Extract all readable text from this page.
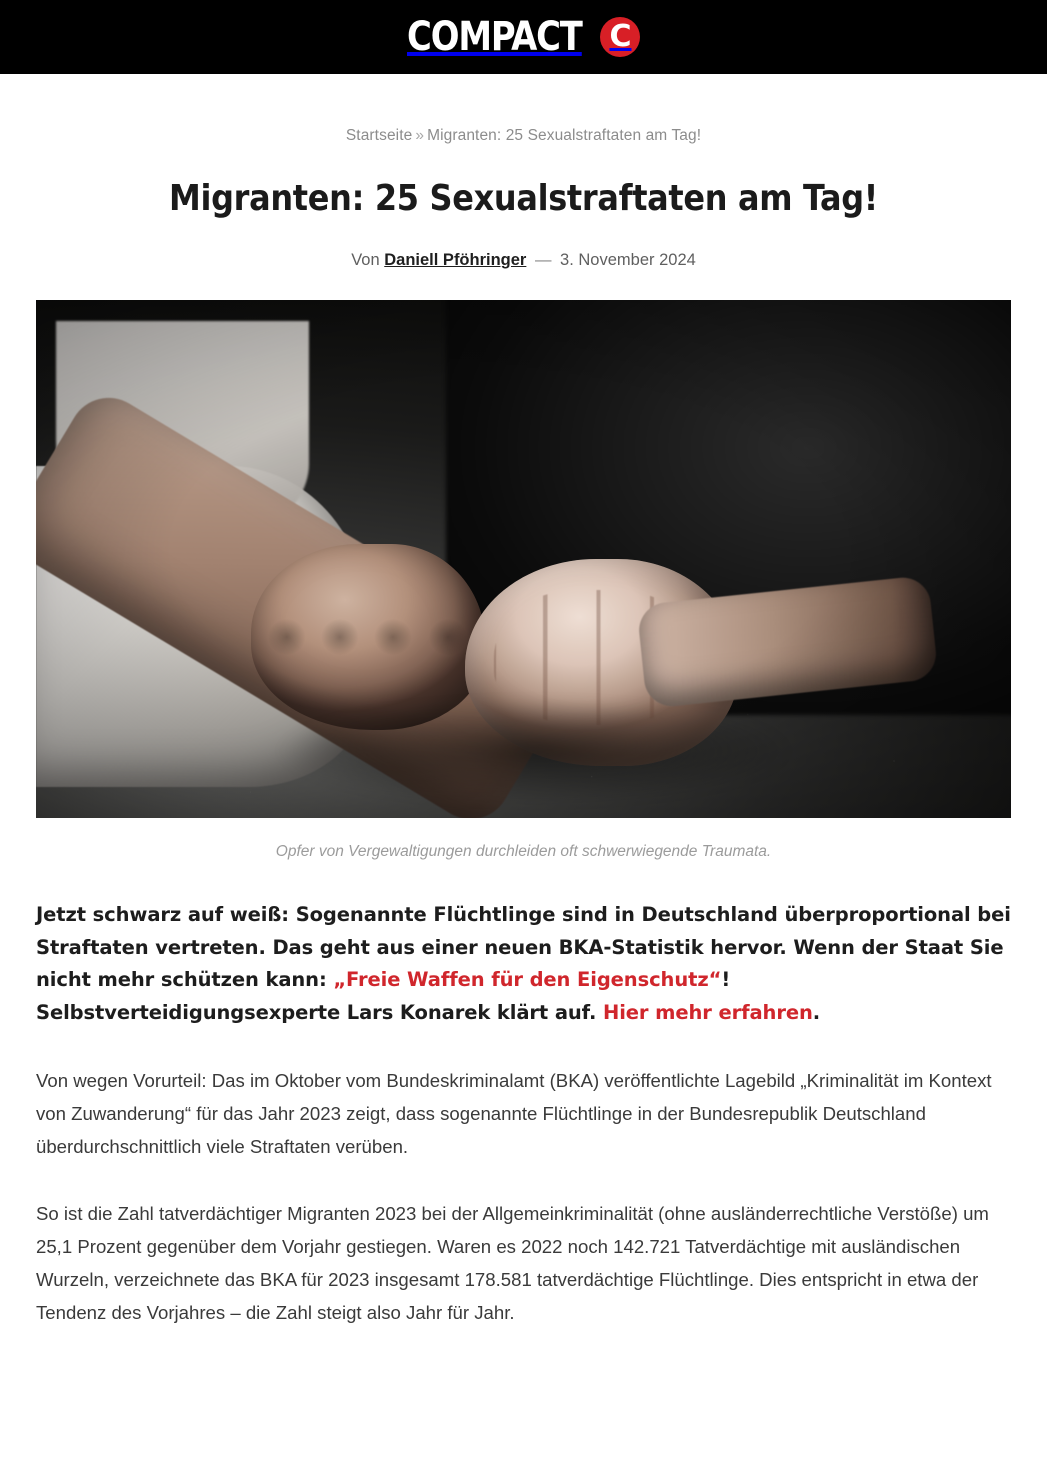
COMPACT C
Startseite » Migranten: 25 Sexualstraftaten am Tag!
Migranten: 25 Sexualstraftaten am Tag!
Von Daniell Pföhringer — 3. November 2024
Opfer von Vergewaltigungen durchleiden oft schwerwiegende Traumata.

Jetzt schwarz auf weiß: Sogenannte Flüchtlinge sind in Deutschland überproportional bei Straftaten vertreten. Das geht aus einer neuen BKA-Statistik hervor. Wenn der Staat Sie nicht mehr schützen kann: „Freie Waffen für den Eigenschutz“! Selbstverteidigungsexperte Lars Konarek klärt auf. Hier mehr erfahren.

Von wegen Vorurteil: Das im Oktober vom Bundeskriminalamt (BKA) veröffentlichte Lagebild „Kriminalität im Kontext von Zuwanderung“ für das Jahr 2023 zeigt, dass sogenannte Flüchtlinge in der Bundesrepublik Deutschland überdurchschnittlich viele Straftaten verüben.

So ist die Zahl tatverdächtiger Migranten 2023 bei der Allgemeinkriminalität (ohne ausländerrechtliche Verstöße) um 25,1 Prozent gegenüber dem Vorjahr gestiegen. Waren es 2022 noch 142.721 Tatverdächtige mit ausländischen Wurzeln, verzeichnete das BKA für 2023 insgesamt 178.581 tatverdächtige Flüchtlinge. Dies entspricht in etwa der Tendenz des Vorjahres – die Zahl steigt also Jahr für Jahr.
